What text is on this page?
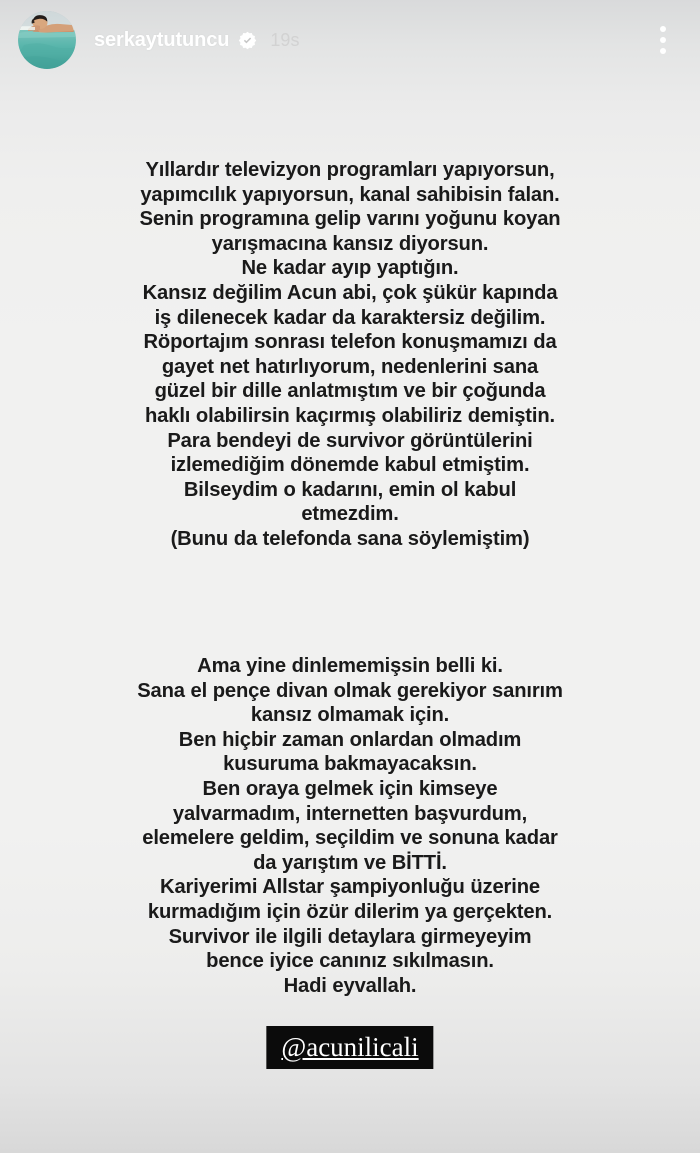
serkaytutuncu 19s

Yıllardır televizyon programları yapıyorsun,

yapımcılık yapıyorsun, kanal sahibisin falan.

Senin programına gelip varını yoğunu koyan

yarışmacına kansız diyorsun.

Ne kadar ayıp yaptığın.

Kansız değilim Acun abi, çok şükür kapında

iş dilenecek kadar da karaktersiz değilim.

Röportajım sonrası telefon konuşmamızı da

gayet net hatırlıyorum, nedenlerini sana

güzel bir dille anlatmıştım ve bir çoğunda

haklı olabilirsin kaçırmış olabiliriz demiştin.

Para bendeyi de survivor görüntülerini

izlemediğim dönemde kabul etmiştim.

Bilseydim o kadarını, emin ol kabul

etmezdim.

(Bunu da telefonda sana söylemiştim)

Ama yine dinlememişsin belli ki.

Sana el pençe divan olmak gerekiyor sanırım

kansız olmamak için.

Ben hiçbir zaman onlardan olmadım

kusuruma bakmayacaksın.

Ben oraya gelmek için kimseye

yalvarmadım, internetten başvurdum,

elemelere geldim, seçildim ve sonuna kadar

da yarıştım ve BİTTİ.

Kariyerimi Allstar şampiyonluğu üzerine

kurmadığım için özür dilerim ya gerçekten.

Survivor ile ilgili detaylara girmeyeyim

bence iyice canınız sıkılmasın.

Hadi eyvallah.

@acunilicali
